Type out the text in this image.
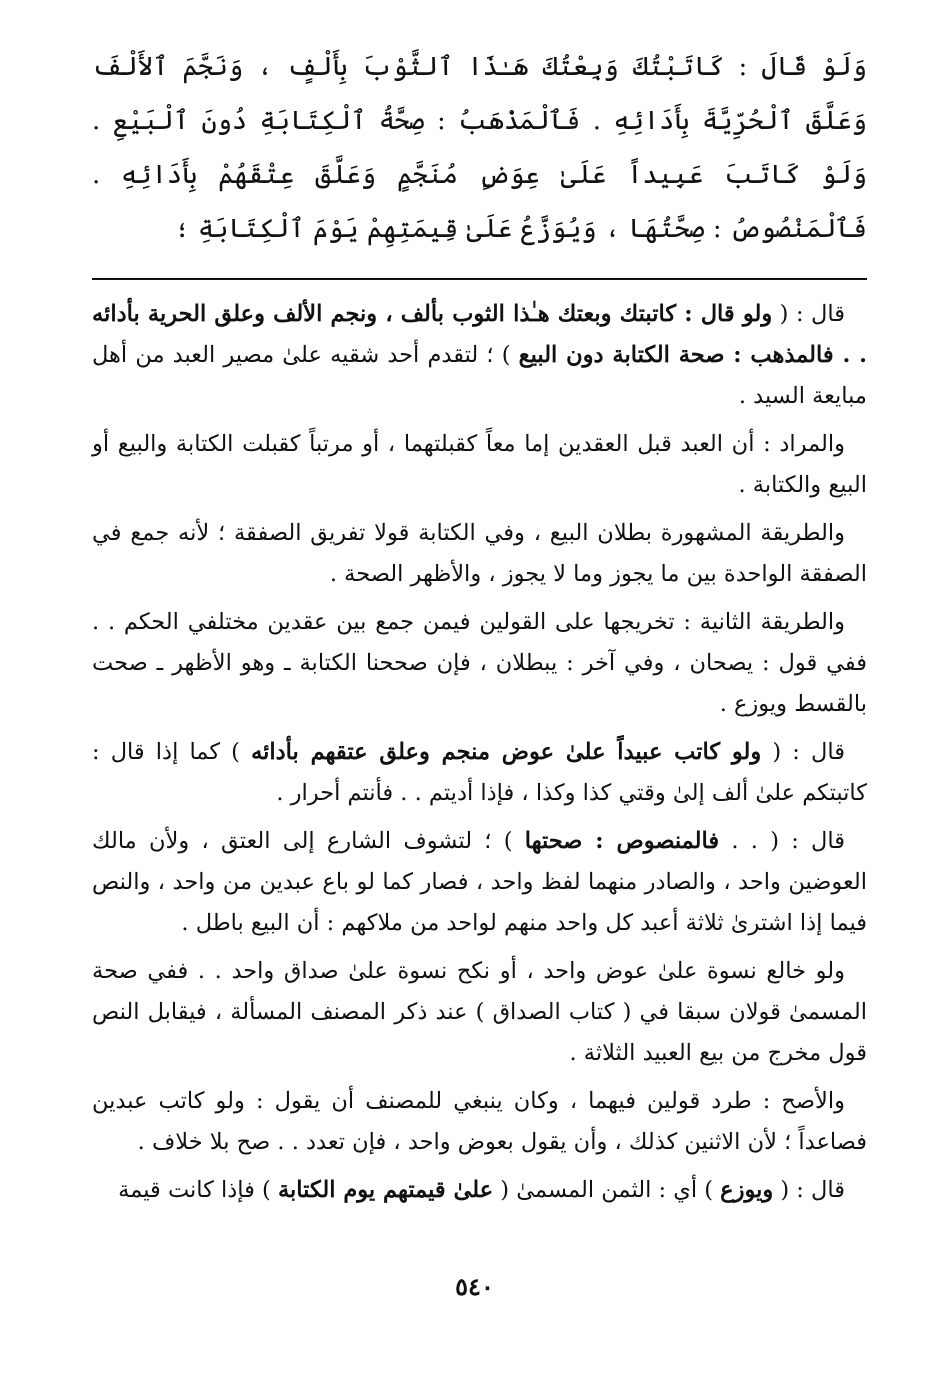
وَلَوْ قَالَ : كَاتَبْتُكَ وَبِعْتُكَ هَـٰذَا ٱلثَّوْبَ بِأَلْفٍ ، وَنَجَّمَ ٱلأَلْفَ وَعَلَّقَ ٱلْحُرِّيَّةَ بِأَدَائِهِ . فَٱلْمَذْهَبُ : صِحَّةُ ٱلْكِتَابَةِ دُونَ ٱلْبَيْعِ . وَلَوْ كَاتَبَ عَبِيداً عَلَىٰ عِوَضٍ مُنَجَّمٍ وَعَلَّقَ عِتْقَهُمْ بِأَدَائِهِ . فَٱلْمَنْصُوصُ : صِحَّتُهَا ، وَيُوَزَّعُ عَلَىٰ قِيمَتِهِمْ يَوْمَ ٱلْكِتَابَةِ ؛

قال : ( ولو قال : كاتبتك وبعتك هـٰذا الثوب بألف ، ونجم الألف وعلق الحرية بأدائه . . فالمذهب : صحة الكتابة دون البيع ) ؛ لتقدم أحد شقيه علىٰ مصير العبد من أهل مبايعة السيد .

والمراد : أن العبد قبل العقدين إما معاً كقبلتهما ، أو مرتباً كقبلت الكتابة والبيع أو البيع والكتابة .

والطريقة المشهورة بطلان البيع ، وفي الكتابة قولا تفريق الصفقة ؛ لأنه جمع في الصفقة الواحدة بين ما يجوز وما لا يجوز ، والأظهر الصحة .

والطريقة الثانية : تخريجها على القولين فيمن جمع بين عقدين مختلفي الحكم . . ففي قول : يصحان ، وفي آخر : يبطلان ، فإن صححنا الكتابة ـ وهو الأظهر ـ صحت بالقسط ويوزع .

قال : ( ولو كاتب عبيداً علىٰ عوض منجم وعلق عتقهم بأدائه ) كما إذا قال : كاتبتكم علىٰ ألف إلىٰ وقتي كذا وكذا ، فإذا أديتم . . فأنتم أحرار .

قال : ( . . فالمنصوص : صحتها ) ؛ لتشوف الشارع إلى العتق ، ولأن مالك العوضين واحد ، والصادر منهما لفظ واحد ، فصار كما لو باع عبدين من واحد ، والنص فيما إذا اشترىٰ ثلاثة أعبد كل واحد منهم لواحد من ملاكهم : أن البيع باطل .

ولو خالع نسوة علىٰ عوض واحد ، أو نكح نسوة علىٰ صداق واحد . . ففي صحة المسمىٰ قولان سبقا في ( كتاب الصداق ) عند ذكر المصنف المسألة ، فيقابل النص قول مخرج من بيع العبيد الثلاثة .

والأصح : طرد قولين فيهما ، وكان ينبغي للمصنف أن يقول : ولو كاتب عبدين فصاعداً ؛ لأن الاثنين كذلك ، وأن يقول بعوض واحد ، فإن تعدد . . صح بلا خلاف .

قال : ( ويوزع ) أي : الثمن المسمىٰ ( علىٰ قيمتهم يوم الكتابة ) فإذا كانت قيمة

٥٤٠
